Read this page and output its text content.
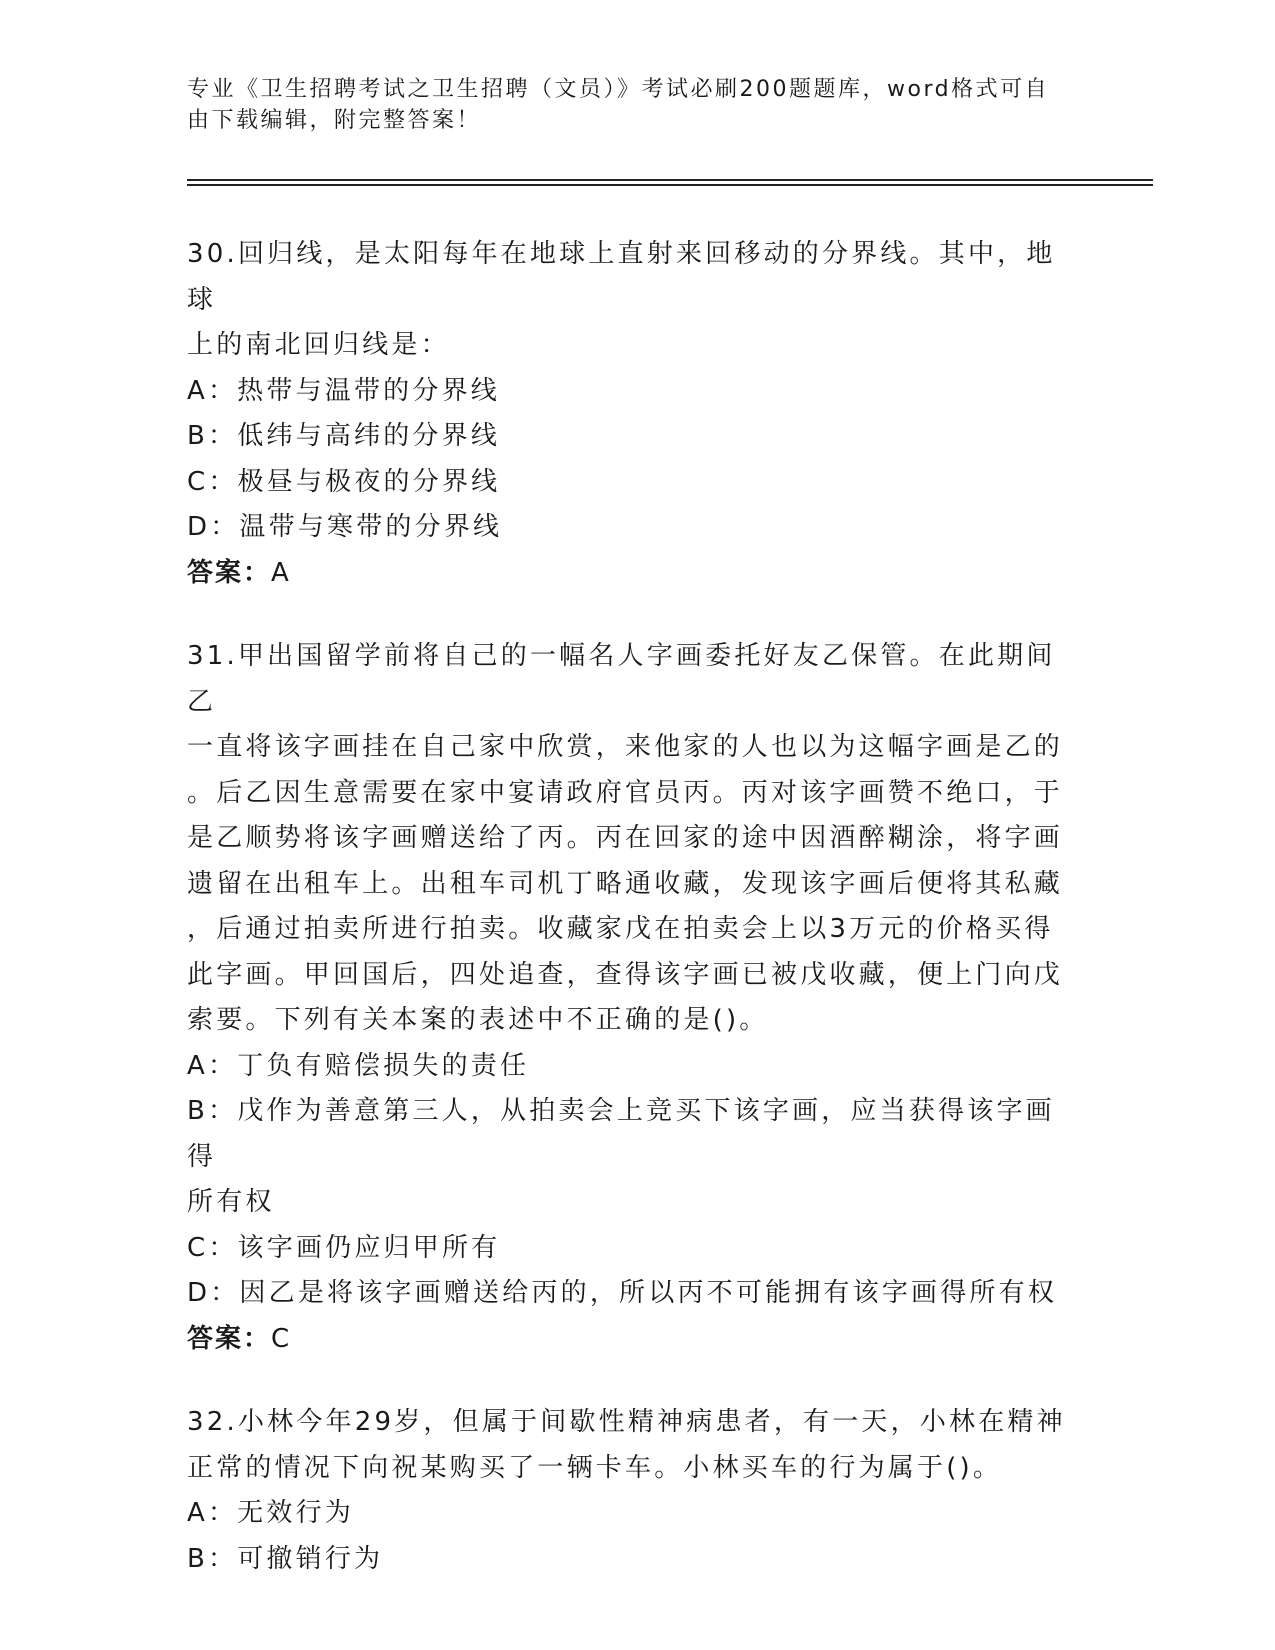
专业《卫生招聘考试之卫生招聘（文员）》考试必刷200题题库，word格式可自由下载编辑，附完整答案！
30.回归线，是太阳每年在地球上直射来回移动的分界线。其中，地球
上的南北回归线是：
A：热带与温带的分界线
B：低纬与高纬的分界线
C：极昼与极夜的分界线
D：温带与寒带的分界线
答案：A
31.甲出国留学前将自己的一幅名人字画委托好友乙保管。在此期间乙
一直将该字画挂在自己家中欣赏，来他家的人也以为这幅字画是乙的
。后乙因生意需要在家中宴请政府官员丙。丙对该字画赞不绝口，于
是乙顺势将该字画赠送给了丙。丙在回家的途中因酒醉糊涂，将字画
遗留在出租车上。出租车司机丁略通收藏，发现该字画后便将其私藏
，后通过拍卖所进行拍卖。收藏家戊在拍卖会上以3万元的价格买得
此字画。甲回国后，四处追查，查得该字画已被戊收藏，便上门向戊
索要。下列有关本案的表述中不正确的是()。
A：丁负有赔偿损失的责任
B：戊作为善意第三人，从拍卖会上竞买下该字画，应当获得该字画得
所有权
C：该字画仍应归甲所有
D：因乙是将该字画赠送给丙的，所以丙不可能拥有该字画得所有权
答案：C
32.小林今年29岁，但属于间歇性精神病患者，有一天，小林在精神
正常的情况下向祝某购买了一辆卡车。小林买车的行为属于()。
A：无效行为
B：可撤销行为
